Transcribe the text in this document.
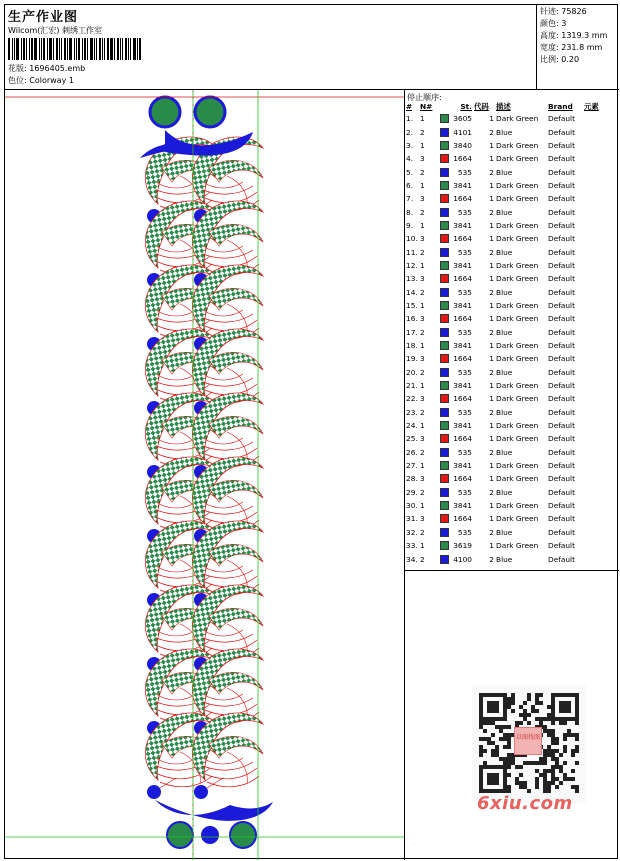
生产作业图
Wilcom(汇宏) 刺绣工作室
花版: 1696405.emb
色位: Colorway 1
针迹: 75826
颜色: 3
高度: 1319.3 mm
宽度: 231.8 mm
比例: 0.20
停止顺序:
#	N#	St.	代码	描述	Brand	元素
1.	1	3605	1	Dark Green	Default	
2.	2	4101	2	Blue	Default	
3.	1	3840	1	Dark Green	Default	
4.	3	1664	1	Dark Green	Default	
5.	2	535	2	Blue	Default	
6.	1	3841	1	Dark Green	Default	
7.	3	1664	1	Dark Green	Default	
8.	2	535	2	Blue	Default	
9.	1	3841	1	Dark Green	Default	
10.	3	1664	1	Dark Green	Default	
11.	2	535	2	Blue	Default	
12.	1	3841	1	Dark Green	Default	
13.	3	1664	1	Dark Green	Default	
14.	2	535	2	Blue	Default	
15.	1	3841	1	Dark Green	Default	
16.	3	1664	1	Dark Green	Default	
17.	2	535	2	Blue	Default	
18.	1	3841	1	Dark Green	Default	
19.	3	1664	1	Dark Green	Default	
20.	2	535	2	Blue	Default	
21.	1	3841	1	Dark Green	Default	
22.	3	1664	1	Dark Green	Default	
23.	2	535	2	Blue	Default	
24.	1	3841	1	Dark Green	Default	
25.	3	1664	1	Dark Green	Default	
26.	2	535	2	Blue	Default	
27.	1	3841	1	Dark Green	Default	
28.	3	1664	1	Dark Green	Default	
29.	2	535	2	Blue	Default	
30.	1	3841	1	Dark Green	Default	
31.	3	1664	1	Dark Green	Default	
32.	2	535	2	Blue	Default	
33.	1	3619	1	Dark Green	Default	
34.	2	4100	2	Blue	Default	
以图找图
6xiu.com
